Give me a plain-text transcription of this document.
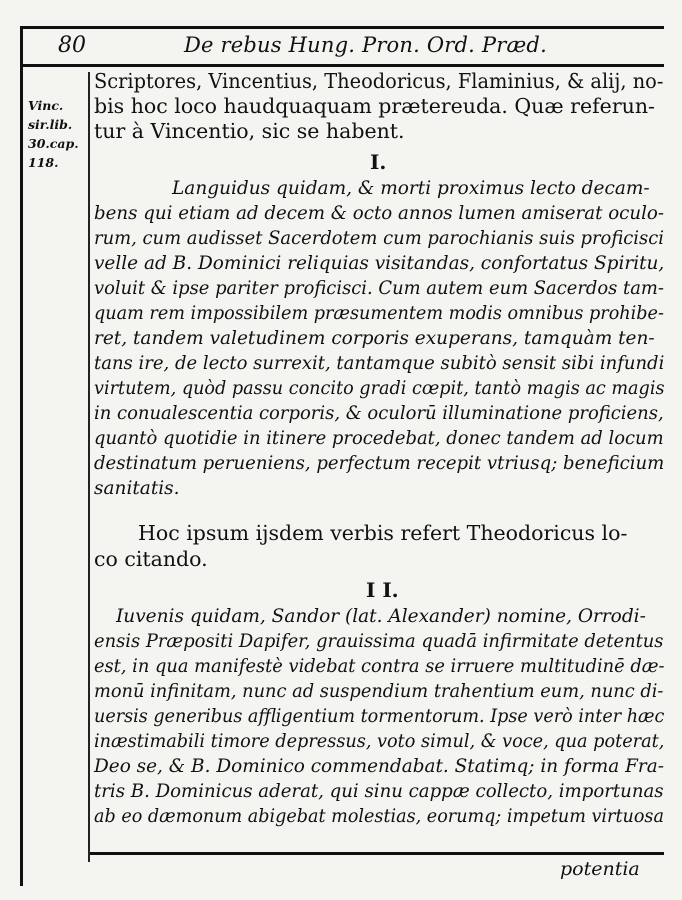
80	De rebus Hung. Pron. Ord. Præd.
Vinc.
sir.lib.
30.cap.
118.
Scriptores, Vincentius, Theodoricus, Flaminius, & alij, no-
bis hoc loco haudquaquam prætereuda. Quæ referun-
tur à Vincentio, sic se habent.
I.
Languidus quidam, & morti proximus lecto decam-
bens qui etiam ad decem & octo annos lumen amiserat oculo-
rum, cum audisset Sacerdotem cum parochianis suis proficisci
velle ad B. Dominici reliquias visitandas, confortatus Spiritu,
voluit & ipse pariter proficisci. Cum autem eum Sacerdos tam-
quam rem impossibilem præsumentem modis omnibus prohibe-
ret, tandem valetudinem corporis exuperans, tamquàm ten-
tans ire, de lecto surrexit, tantamque subitò sensit sibi infundi
virtutem, quòd passu concito gradi cœpit, tantò magis ac magis
in conualescentia corporis, & oculorū illuminatione proficiens,
quantò quotidie in itinere procedebat, donec tandem ad locum
destinatum perueniens, perfectum recepit vtriusq; beneficium
sanitatis.
Hoc ipsum ijsdem verbis refert Theodoricus lo-
co citando.
I I.
Iuvenis quidam, Sandor (lat. Alexander) nomine, Orrodi-
ensis Præpositi Dapifer, grauissima quadā infirmitate detentus
est, in qua manifestè videbat contra se irruere multitudinē dæ-
monū infinitam, nunc ad suspendium trahentium eum, nunc di-
uersis generibus affligentium tormentorum. Ipse verò inter hæc
inæstimabili timore depressus, voto simul, & voce, qua poterat,
Deo se, & B. Dominico commendabat. Statimq; in forma Fra-
tris B. Dominicus aderat, qui sinu cappæ collecto, importunas
ab eo dæmonum abigebat molestias, eorumq; impetum virtuosa
potentia
